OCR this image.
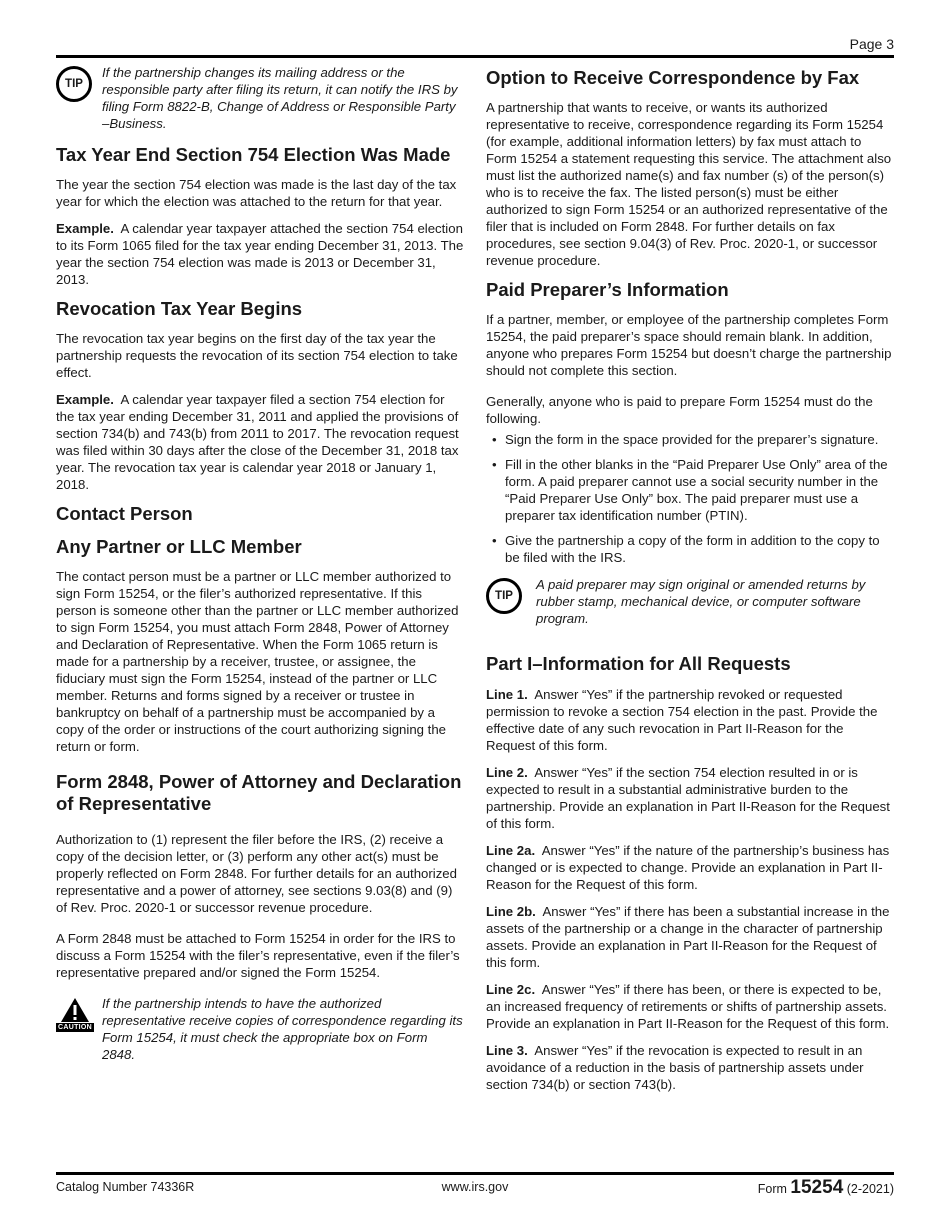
Page 3
TIP
If the partnership changes its mailing address or the responsible party after filing its return, it can notify the IRS by filing Form 8822-B, Change of Address or Responsible Party –Business.
Tax Year End Section 754 Election Was Made

The year the section 754 election was made is the last day of the tax year for which the election was attached to the return for that year.

Example. A calendar year taxpayer attached the section 754 election to its Form 1065 filed for the tax year ending December 31, 2013. The year the section 754 election was made is 2013 or December 31, 2013.

Revocation Tax Year Begins

The revocation tax year begins on the first day of the tax year the partnership requests the revocation of its section 754 election to take effect.

Example. A calendar year taxpayer filed a section 754 election for the tax year ending December 31, 2011 and applied the provisions of section 734(b) and 743(b) from 2011 to 2017. The revocation request was filed within 30 days after the close of the December 31, 2018 tax year. The revocation tax year is calendar year 2018 or January 1, 2018.

Contact Person
Any Partner or LLC Member

The contact person must be a partner or LLC member authorized to sign Form 15254, or the filer’s authorized representative. If this person is someone other than the partner or LLC member authorized to sign Form 15254, you must attach Form 2848, Power of Attorney and Declaration of Representative. When the Form 1065 return is made for a partnership by a receiver, trustee, or assignee, the fiduciary must sign the Form 15254, instead of the partner or LLC member. Returns and forms signed by a receiver or trustee in bankruptcy on behalf of a partnership must be accompanied by a copy of the order or instructions of the court authorizing signing the return or form.

Form 2848, Power of Attorney and Declaration of Representative

Authorization to (1) represent the filer before the IRS, (2) receive a copy of the decision letter, or (3) perform any other act(s) must be properly reflected on Form 2848. For further details for an authorized representative and a power of attorney, see sections 9.03(8) and (9) of Rev. Proc. 2020-1 or successor revenue procedure.

A Form 2848 must be attached to Form 15254 in order for the IRS to discuss a Form 15254 with the filer’s representative, even if the filer’s representative prepared and/or signed the Form 15254.

CAUTION
If the partnership intends to have the authorized representative receive copies of correspondence regarding its Form 15254, it must check the appropriate box on Form 2848.
Option to Receive Correspondence by Fax

A partnership that wants to receive, or wants its authorized representative to receive, correspondence regarding its Form 15254 (for example, additional information letters) by fax must attach to Form 15254 a statement requesting this service. The attachment also must list the authorized name(s) and fax number (s) of the person(s) who is to receive the fax. The listed person(s) must be either authorized to sign Form 15254 or an authorized representative of the filer that is included on Form 2848. For further details on fax procedures, see section 9.04(3) of Rev. Proc. 2020-1, or successor revenue procedure.

Paid Preparer’s Information

If a partner, member, or employee of the partnership completes Form 15254, the paid preparer’s space should remain blank. In addition, anyone who prepares Form 15254 but doesn’t charge the partnership should not complete this section.

Generally, anyone who is paid to prepare Form 15254 must do the following.

• Sign the form in the space provided for the preparer’s signature.
• Fill in the other blanks in the “Paid Preparer Use Only” area of the form. A paid preparer cannot use a social security number in the “Paid Preparer Use Only” box. The paid preparer must use a preparer tax identification number (PTIN).
• Give the partnership a copy of the form in addition to the copy to be filed with the IRS.
TIP
A paid preparer may sign original or amended returns by rubber stamp, mechanical device, or computer software program.
Part I–Information for All Requests

Line 1. Answer “Yes” if the partnership revoked or requested permission to revoke a section 754 election in the past. Provide the effective date of any such revocation in Part II-Reason for the Request of this form.

Line 2. Answer “Yes” if the section 754 election resulted in or is expected to result in a substantial administrative burden to the partnership. Provide an explanation in Part II-Reason for the Request of this form.

Line 2a. Answer “Yes” if the nature of the partnership’s business has changed or is expected to change. Provide an explanation in Part II-Reason for the Request of this form.

Line 2b. Answer “Yes” if there has been a substantial increase in the assets of the partnership or a change in the character of partnership assets. Provide an explanation in Part II-Reason for the Request of this form.

Line 2c. Answer “Yes” if there has been, or there is expected to be, an increased frequency of retirements or shifts of partnership assets. Provide an explanation in Part II-Reason for the Request of this form.

Line 3. Answer “Yes” if the revocation is expected to result in an avoidance of a reduction in the basis of partnership assets under section 734(b) or section 743(b).

Catalog Number 74336R	www.irs.gov	Form 15254 (2-2021)
